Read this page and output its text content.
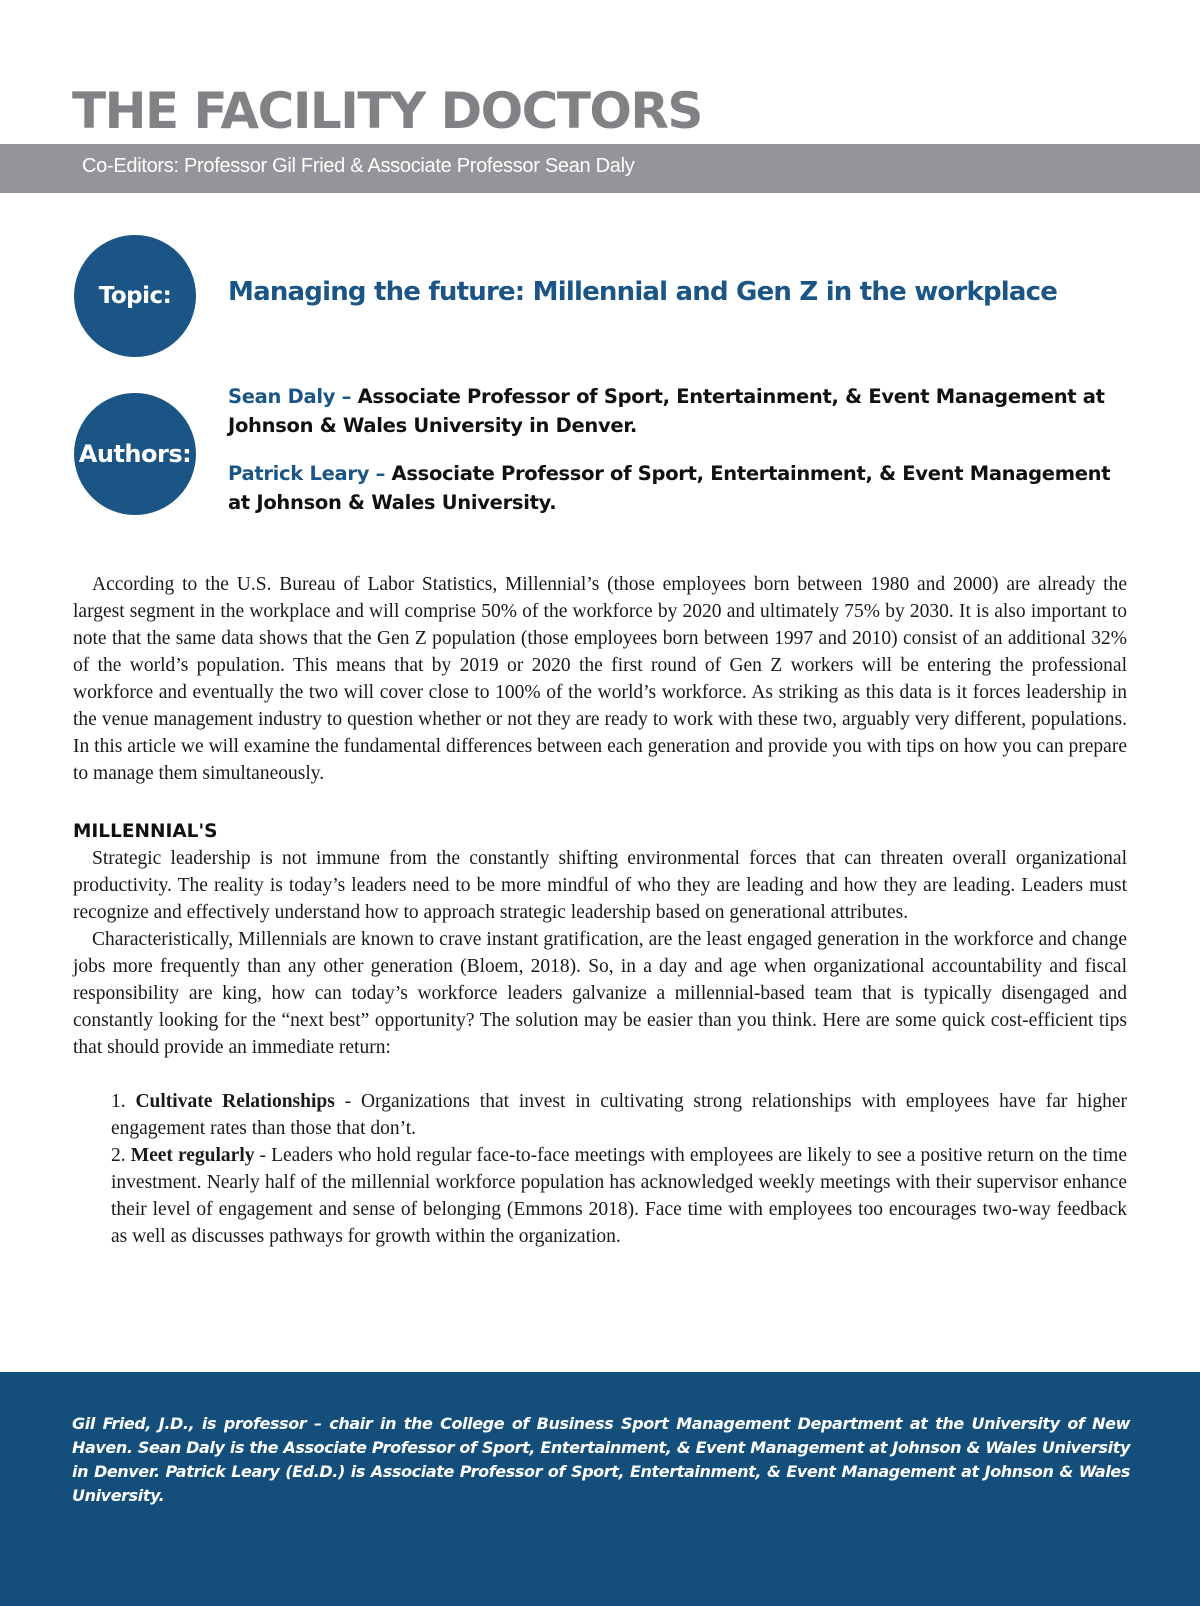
THE FACILITY DOCTORS
Co-Editors: Professor Gil Fried & Associate Professor Sean Daly
Topic: Managing the future: Millennial and Gen Z in the workplace
Authors:

Sean Daly – Associate Professor of Sport, Entertainment, & Event Management at Johnson & Wales University in Denver.

Patrick Leary – Associate Professor of Sport, Entertainment, & Event Management at Johnson & Wales University.

According to the U.S. Bureau of Labor Statistics, Millennial’s (those employees born between 1980 and 2000) are already the largest segment in the workplace and will comprise 50% of the workforce by 2020 and ultimately 75% by 2030. It is also important to note that the same data shows that the Gen Z population (those employees born between 1997 and 2010) consist of an additional 32% of the world’s population. This means that by 2019 or 2020 the first round of Gen Z workers will be entering the professional workforce and eventually the two will cover close to 100% of the world’s workforce. As striking as this data is it forces leadership in the venue management industry to question whether or not they are ready to work with these two, arguably very different, populations. In this article we will examine the fundamental differences between each generation and provide you with tips on how you can prepare to manage them simultaneously.

MILLENNIAL'S

Strategic leadership is not immune from the constantly shifting environmental forces that can threaten overall organizational productivity. The reality is today’s leaders need to be more mindful of who they are leading and how they are leading. Leaders must recognize and effectively understand how to approach strategic leadership based on generational attributes.

Characteristically, Millennials are known to crave instant gratification, are the least engaged generation in the workforce and change jobs more frequently than any other generation (Bloem, 2018). So, in a day and age when organizational accountability and fiscal responsibility are king, how can today’s workforce leaders galvanize a millennial-based team that is typically disengaged and constantly looking for the “next best” opportunity? The solution may be easier than you think. Here are some quick cost-efficient tips that should provide an immediate return:

1. Cultivate Relationships - Organizations that invest in cultivating strong relationships with employees have far higher engagement rates than those that don’t.

2. Meet regularly - Leaders who hold regular face-to-face meetings with employees are likely to see a positive return on the time investment. Nearly half of the millennial workforce population has acknowledged weekly meetings with their supervisor enhance their level of engagement and sense of belonging (Emmons 2018). Face time with employees too encourages two-way feedback as well as discusses pathways for growth within the organization.

Gil Fried, J.D., is professor – chair in the College of Business Sport Management Department at the University of New Haven. Sean Daly is the Associate Professor of Sport, Entertainment, & Event Management at Johnson & Wales University in Denver. Patrick Leary (Ed.D.) is Associate Professor of Sport, Entertainment, & Event Management at Johnson & Wales University.
